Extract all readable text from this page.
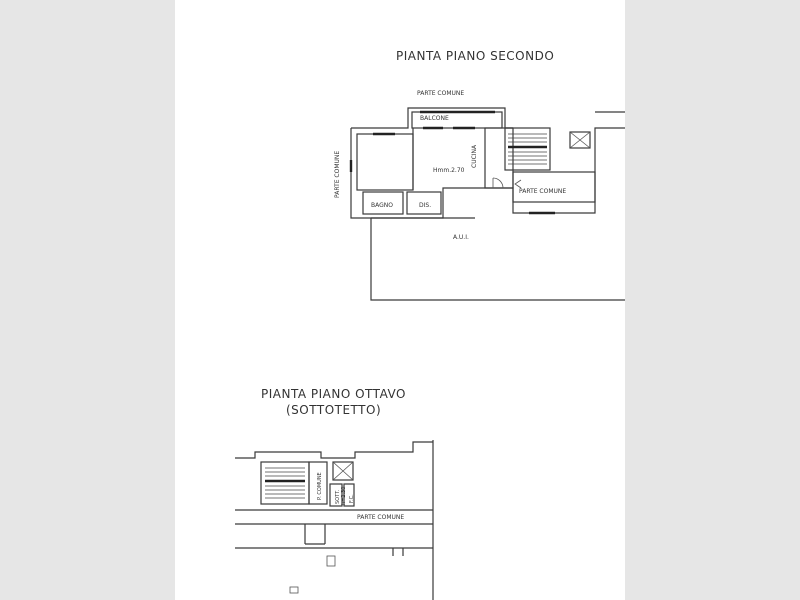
PIANTA PIANO SECONDO
PARTE COMUNE
BALCONE
PARTE COMUNE	CUCINA
Hmm.2.70
PARTE COMUNE
BAGNO	DIS.
A.U.I.
PIANTA PIANO OTTAVO
(SOTTOTETTO)
P. COMUNE SOTT. h=2.30 F.C.
PARTE COMUNE
